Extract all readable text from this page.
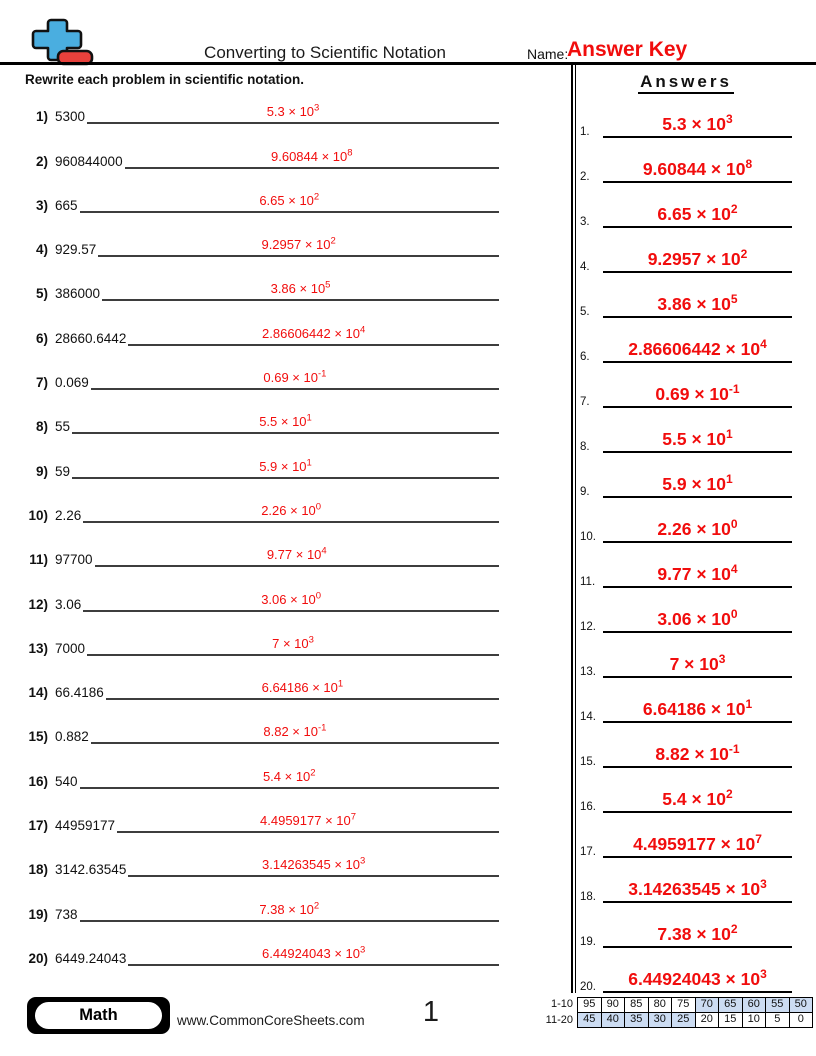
Converting to Scientific Notation	Name:
Answer Key
Rewrite each problem in scientific notation.
1) 5300	$5.3 \times 10^3$
2) 960844000	$9.60844 \times 10^8$
3) 665	$6.65 \times 10^2$
4) 929.57	$9.2957 \times 10^2$
5) 386000	$3.86 \times 10^5$
6) 28660.6442	$2.86606442 \times 10^4$
7) 0.069	$0.69 \times 10^{-1}$
8) 55	$5.5 \times 10^1$
9) 59	$5.9 \times 10^1$
10) 2.26	$2.26 \times 10^0$
11) 97700	$9.77 \times 10^4$
12) 3.06	$3.06 \times 10^0$
13) 7000	$7 \times 10^3$
14) 66.4186	$6.64186 \times 10^1$
15) 0.882	$8.82 \times 10^{-1}$
16) 540	$5.4 \times 10^2$
17) 44959177	$4.4959177 \times 10^7$
18) 3142.63545	$3.14263545 \times 10^3$
19) 738	$7.38 \times 10^2$
20) 6449.24043	$6.44924043 \times 10^3$
Answers
1.	$5.3 \times 10^3$
2.	$9.60844 \times 10^8$
3.	$6.65 \times 10^2$
4.	$9.2957 \times 10^2$
5.	$3.86 \times 10^5$
6.	$2.86606442 \times 10^4$
7.	$0.69 \times 10^{-1}$
8.	$5.5 \times 10^1$
9.	$5.9 \times 10^1$
10.	$2.26 \times 10^0$
11.	$9.77 \times 10^4$
12.	$3.06 \times 10^0$
13.	$7 \times 10^3$
14.	$6.64186 \times 10^1$
15.	$8.82 \times 10^{-1}$
16.	$5.4 \times 10^2$
17.	$4.4959177 \times 10^7$
18.	$3.14263545 \times 10^3$
19.	$7.38 \times 10^2$
20.	$6.44924043 \times 10^3$
Math	www.CommonCoreSheets.com	1	1-10 95	90	85	80	75	70	65	60	55	50
11-20 45	40	35	30	25	20	15	10	5	0
